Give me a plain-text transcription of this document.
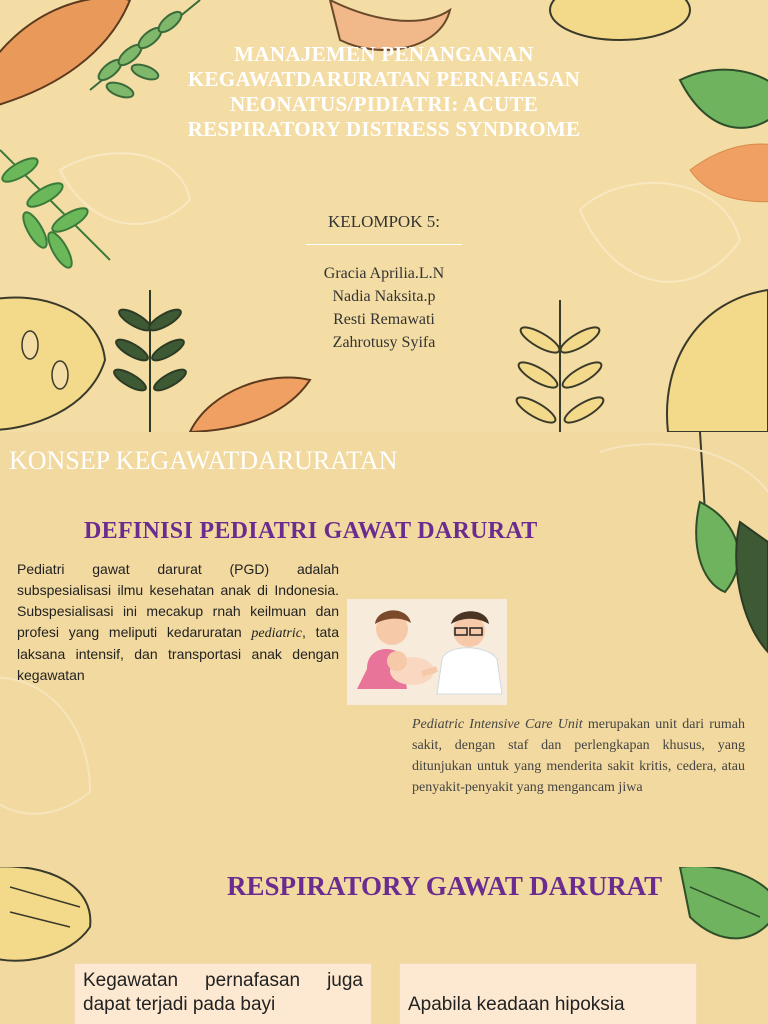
MANAJEMEN PENANGANAN KEGAWATDARURATAN PERNAFASAN NEONATUS/PIDIATRI: ACUTE RESPIRATORY DISTRESS SYNDROME
KELOMPOK 5:
Gracia Aprilia.L.N
Nadia Naksita.p
Resti Remawati
Zahrotusy Syifa
KONSEP KEGAWATDARURATAN
DEFINISI PEDIATRI GAWAT DARURAT
Pediatri gawat darurat (PGD) adalah subspesialisasi ilmu kesehatan anak di Indonesia. Subspesialisasi ini mecakup rnah keilmuan dan profesi yang meliputi kedaruratan pediatric, tata laksana intensif, dan transportasi anak dengan kegawatan
Pediatric Intensive Care Unit merupakan unit dari rumah sakit, dengan staf dan perlengkapan khusus, yang ditunjukan untuk yang menderita sakit kritis, cedera, atau penyakit-penyakit yang mengancam jiwa
RESPIRATORY GAWAT DARURAT
Kegawatan pernafasan juga dapat terjadi pada bayi	Apabila keadaan hipoksia
